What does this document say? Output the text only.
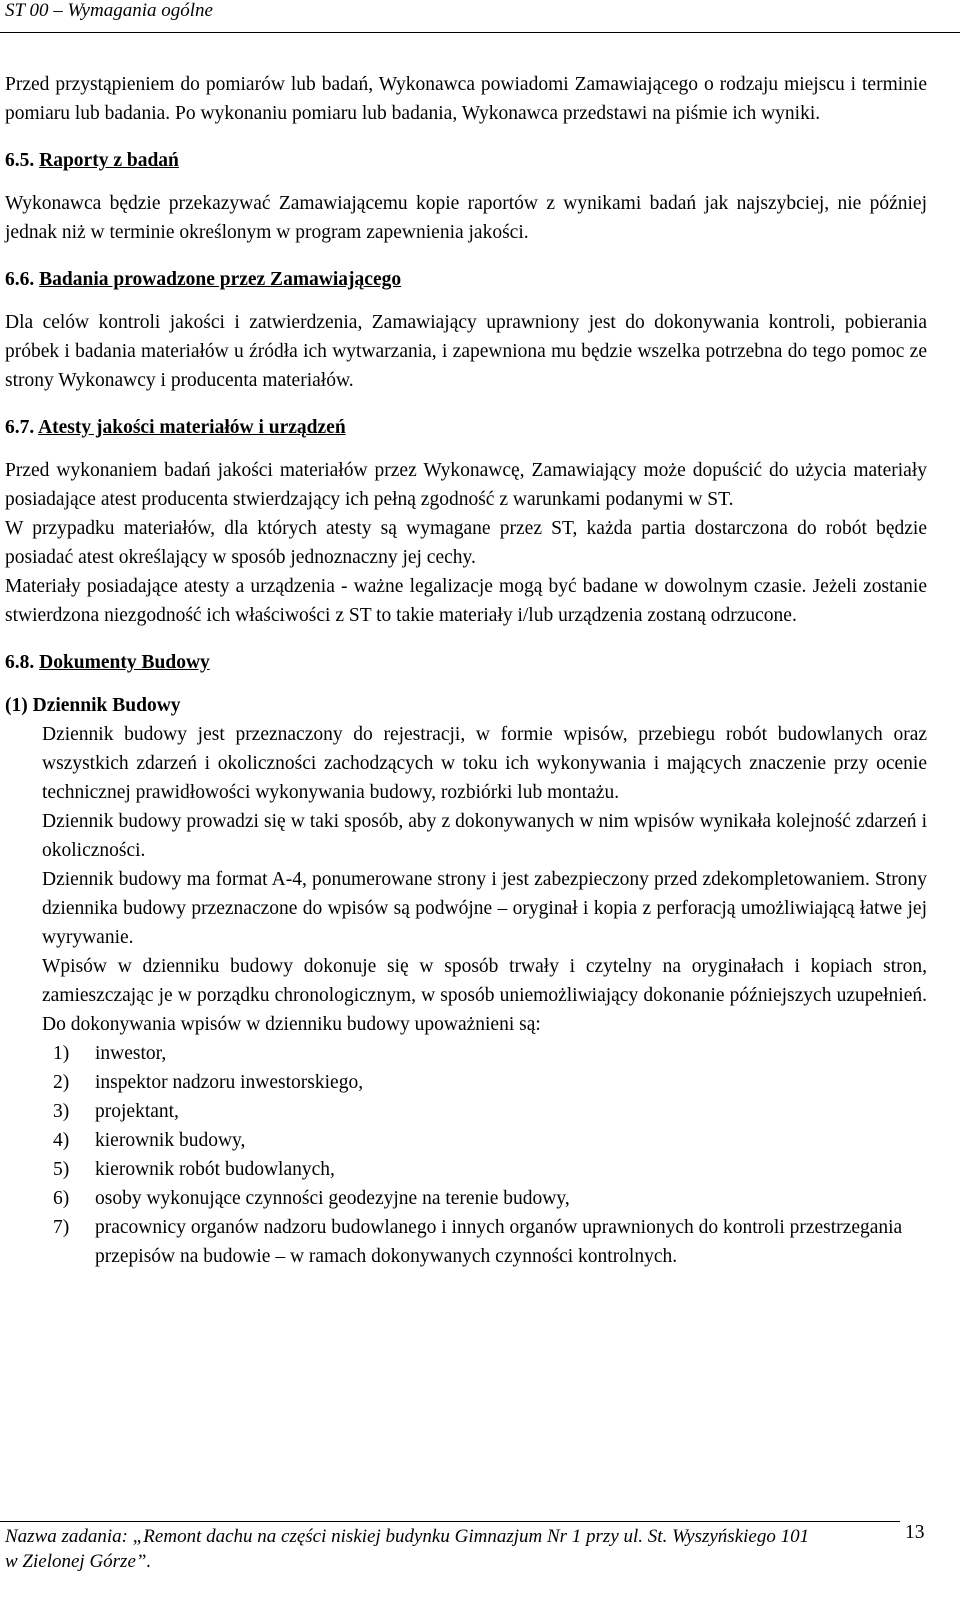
ST 00 – Wymagania ogólne

Przed przystąpieniem do pomiarów lub badań, Wykonawca powiadomi Zamawiającego o rodzaju miejscu i terminie pomiaru lub badania. Po wykonaniu pomiaru lub badania, Wykonawca przedstawi na piśmie ich wyniki.

6.5. Raporty z badań

Wykonawca będzie przekazywać Zamawiającemu kopie raportów z wynikami badań jak najszybciej, nie później jednak niż w terminie określonym w program zapewnienia jakości.

6.6. Badania prowadzone przez Zamawiającego

Dla celów kontroli jakości i zatwierdzenia, Zamawiający uprawniony jest do dokonywania kontroli, pobierania próbek i badania materiałów u źródła ich wytwarzania, i zapewniona mu będzie wszelka potrzebna do tego pomoc ze strony Wykonawcy i producenta materiałów.

6.7. Atesty jakości materiałów i urządzeń

Przed wykonaniem badań jakości materiałów przez Wykonawcę, Zamawiający może dopuścić do użycia materiały posiadające atest producenta stwierdzający ich pełną zgodność z warunkami podanymi w ST.

W przypadku materiałów, dla których atesty są wymagane przez ST, każda partia dostarczona do robót będzie posiadać atest określający w sposób jednoznaczny jej cechy.

Materiały posiadające atesty a urządzenia - ważne legalizacje mogą być badane w dowolnym czasie. Jeżeli zostanie stwierdzona niezgodność ich właściwości z ST to takie materiały i/lub urządzenia zostaną odrzucone.

6.8. Dokumenty Budowy

(1) Dziennik Budowy

Dziennik budowy jest przeznaczony do rejestracji, w formie wpisów, przebiegu robót budowlanych oraz wszystkich zdarzeń i okoliczności zachodzących w toku ich wykonywania i mających znaczenie przy ocenie technicznej prawidłowości wykonywania budowy, rozbiórki lub montażu.

Dziennik budowy prowadzi się w taki sposób, aby z dokonywanych w nim wpisów wynikała kolejność zdarzeń i okoliczności.

Dziennik budowy ma format A-4, ponumerowane strony i jest zabezpieczony przed zdekompletowaniem. Strony dziennika budowy przeznaczone do wpisów są podwójne – oryginał i kopia z perforacją umożliwiającą łatwe jej wyrywanie.

Wpisów w dzienniku budowy dokonuje się w sposób trwały i czytelny na oryginałach i kopiach stron, zamieszczając je w porządku chronologicznym, w sposób uniemożliwiający dokonanie późniejszych uzupełnień. Do dokonywania wpisów w dzienniku budowy upoważnieni są:

1) inwestor,
2) inspektor nadzoru inwestorskiego,
3) projektant,
4) kierownik budowy,
5) kierownik robót budowlanych,
6) osoby wykonujące czynności geodezyjne na terenie budowy,
7) pracownicy organów nadzoru budowlanego i innych organów uprawnionych do kontroli przestrzegania przepisów na budowie – w ramach dokonywanych czynności kontrolnych.
Nazwa zadania: „Remont dachu na części niskiej budynku Gimnazjum Nr 1 przy ul. St. Wyszyńskiego 101
w Zielonej Górze”.
13
